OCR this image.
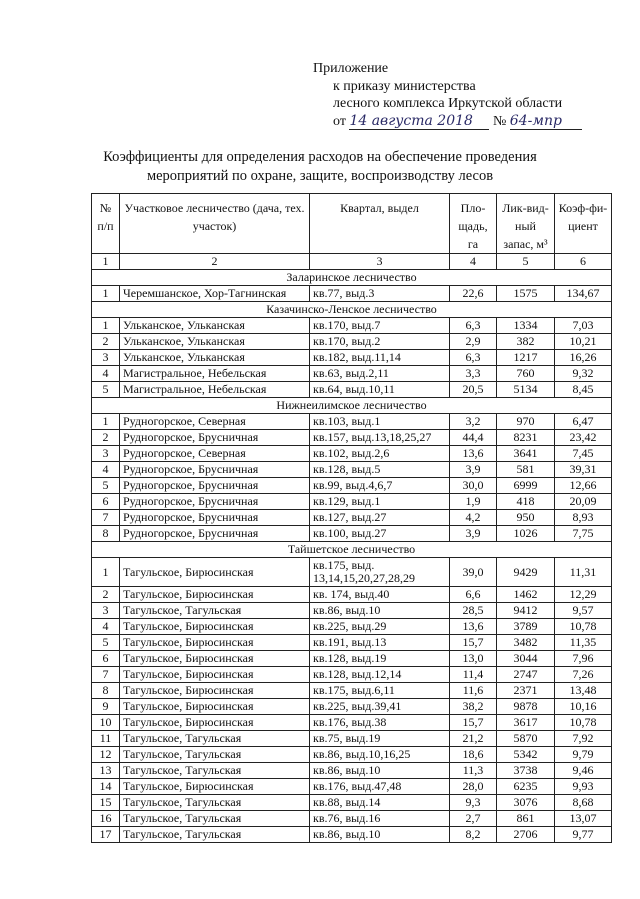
Приложение
к приказу министерства
лесного комплекса Иркутской области
от 14 августа 2018 № 64-мпр
Коэффициенты для определения расходов на обеспечение проведения
мероприятий по охране, защите, воспроизводству лесов
№ п/п	Участковое лесничество (дача, тех. участок)	Квартал, выдел	Пло-щадь, га	Лик-вид-ный запас, м³	Коэф-фи-циент
1	2	3	4	5	6
Заларинское лесничество					
1	Черемшанское, Хор-Тагнинская	кв.77, выд.3	22,6	1575	134,67
Казачинско-Ленское лесничество					
1	Ульканское, Ульканская	кв.170, выд.7	6,3	1334	7,03
2	Ульканское, Ульканская	кв.170, выд.2	2,9	382	10,21
3	Ульканское, Ульканская	кв.182, выд.11,14	6,3	1217	16,26
4	Магистральное, Небельская	кв.63, выд.2,11	3,3	760	9,32
5	Магистральное, Небельская	кв.64, выд.10,11	20,5	5134	8,45
Нижнеилимское лесничество					
1	Рудногорское, Северная	кв.103, выд.1	3,2	970	6,47
2	Рудногорское, Брусничная	кв.157, выд.13,18,25,27	44,4	8231	23,42
3	Рудногорское, Северная	кв.102, выд.2,6	13,6	3641	7,45
4	Рудногорское, Брусничная	кв.128, выд.5	3,9	581	39,31
5	Рудногорское, Брусничная	кв.99, выд.4,6,7	30,0	6999	12,66
6	Рудногорское, Брусничная	кв.129, выд.1	1,9	418	20,09
7	Рудногорское, Брусничная	кв.127, выд.27	4,2	950	8,93
8	Рудногорское, Брусничная	кв.100, выд.27	3,9	1026	7,75
Тайшетское лесничество					
1	Тагульское, Бирюсинская	кв.175, выд. 13,14,15,20,27,28,29	39,0	9429	11,31
2	Тагульское, Бирюсинская	кв. 174, выд.40	6,6	1462	12,29
3	Тагульское, Тагульская	кв.86, выд.10	28,5	9412	9,57
4	Тагульское, Бирюсинская	кв.225, выд.29	13,6	3789	10,78
5	Тагульское, Бирюсинская	кв.191, выд.13	15,7	3482	11,35
6	Тагульское, Бирюсинская	кв.128, выд.19	13,0	3044	7,96
7	Тагульское, Бирюсинская	кв.128, выд.12,14	11,4	2747	7,26
8	Тагульское, Бирюсинская	кв.175, выд.6,11	11,6	2371	13,48
9	Тагульское, Бирюсинская	кв.225, выд.39,41	38,2	9878	10,16
10	Тагульское, Бирюсинская	кв.176, выд.38	15,7	3617	10,78
11	Тагульское, Тагульская	кв.75, выд.19	21,2	5870	7,92
12	Тагульское, Тагульская	кв.86, выд.10,16,25	18,6	5342	9,79
13	Тагульское, Тагульская	кв.86, выд.10	11,3	3738	9,46
14	Тагульское, Бирюсинская	кв.176, выд.47,48	28,0	6235	9,93
15	Тагульское, Тагульская	кв.88, выд.14	9,3	3076	8,68
16	Тагульское, Тагульская	кв.76, выд.16	2,7	861	13,07
17	Тагульское, Тагульская	кв.86, выд.10	8,2	2706	9,77
